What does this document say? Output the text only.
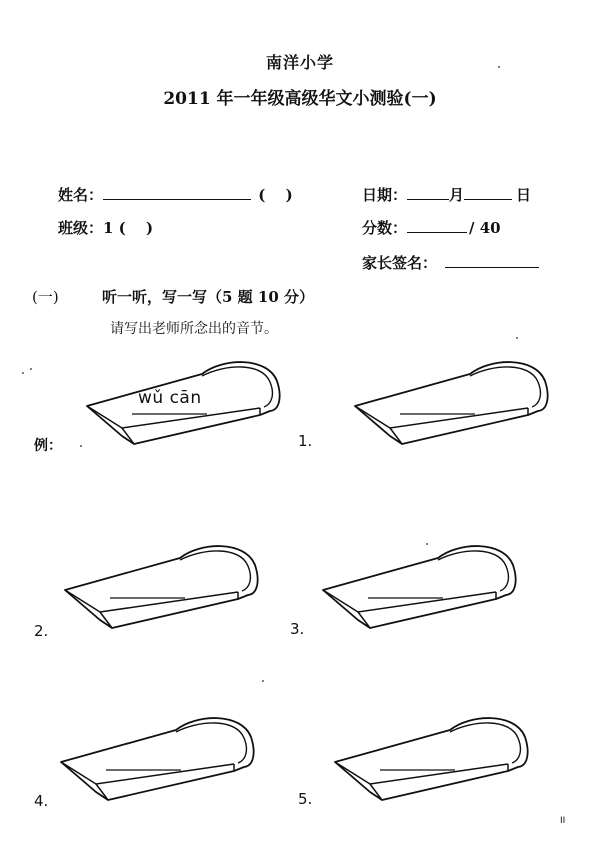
南洋小学
2011 年一年级高级华文小测验(一)
姓名：	(　 )	日期：	月	日
班级：1 (　 )	分数：	/ 40
家长签名：
(一)	听一听，写一写（5 题 10 分）
请写出老师所念出的音节。
wǔ cān
例：	1.
2.	3.
4.	5.
II
